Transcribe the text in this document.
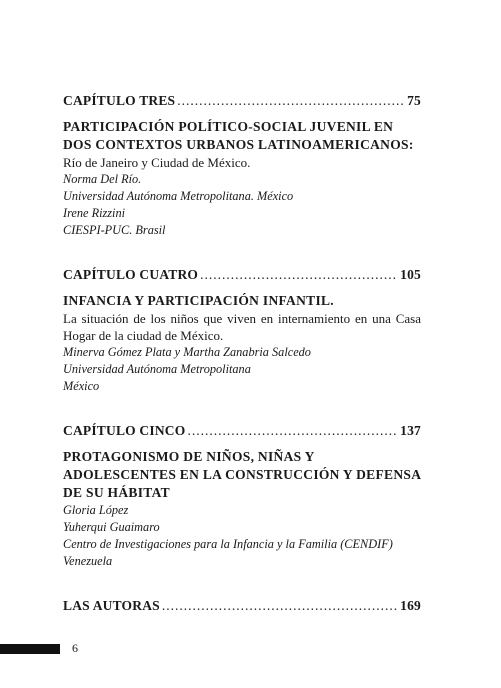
CAPÍTULO TRES .....	75
PARTICIPACIÓN POLÍTICO-SOCIAL JUVENIL EN DOS CONTEXTOS URBANOS LATINOAMERICANOS:
Río de Janeiro y Ciudad de México.
Norma Del Río.
Universidad Autónoma Metropolitana. México
Irene Rizzini
CIESPI-PUC. Brasil
CAPÍTULO CUATRO .....	105
INFANCIA Y PARTICIPACIÓN INFANTIL.
La situación de los niños que viven en internamiento en una Casa Hogar de la ciudad de México.
Minerva Gómez Plata y Martha Zanabria Salcedo
Universidad Autónoma Metropolitana
México
CAPÍTULO CINCO .....	137
PROTAGONISMO DE NIÑOS, NIÑAS Y ADOLESCENTES EN LA CONSTRUCCIÓN Y DEFENSA DE SU HÁBITAT
Gloria López
Yuherqui Guaimaro
Centro de Investigaciones para la Infancia y la Familia (CENDIF)
Venezuela
LAS AUTORAS .....	169
6
